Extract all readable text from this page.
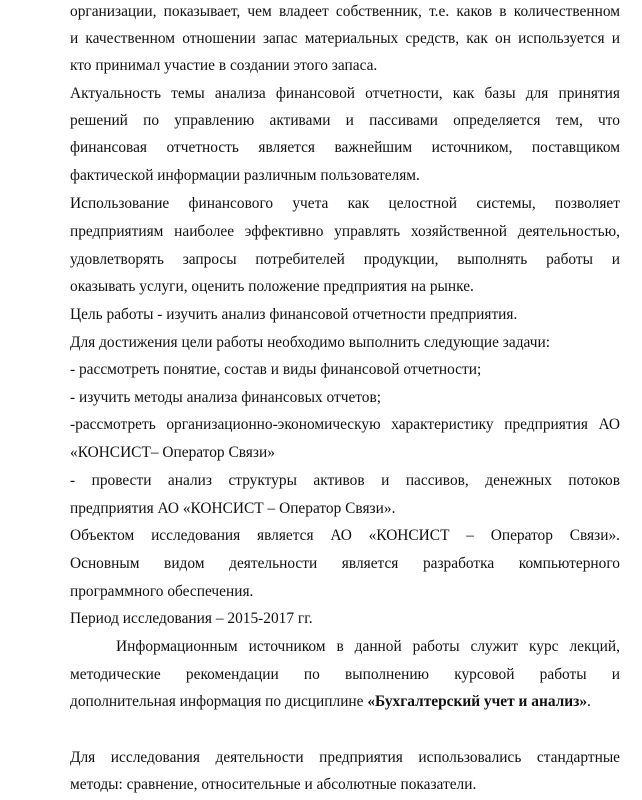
организации, показывает, чем владеет собственник, т.е. каков в количественном
и качественном отношении запас материальных средств, как он используется и
кто принимал участие в создании этого запаса.
Актуальность темы анализа финансовой отчетности, как базы для принятия
решений по управлению активами и пассивами определяется тем, что
финансовая отчетность является важнейшим источником, поставщиком
фактической информации различным пользователям.
Использование финансового учета как целостной системы, позволяет
предприятиям наиболее эффективно управлять хозяйственной деятельностью,
удовлетворять запросы потребителей продукции, выполнять работы и
оказывать услуги, оценить положение предприятия на рынке.
Цель работы - изучить анализ финансовой отчетности предприятия.
Для достижения цели работы необходимо выполнить следующие задачи:
- рассмотреть понятие, состав и виды финансовой отчетности;
- изучить методы анализа финансовых отчетов;
-рассмотреть организационно-экономическую характеристику предприятия АО
«КОНСИСТ– Оператор Связи»
- провести анализ структуры активов и пассивов, денежных потоков
предприятия АО «КОНСИСТ – Оператор Связи».
Объектом исследования является АО «КОНСИСТ – Оператор Связи».
Основным видом деятельности является разработка компьютерного
программного обеспечения.
Период исследования – 2015-2017 гг.
Информационным источником в данной работы служит курс лекций,
методические рекомендации по выполнению курсовой работы и
дополнительная информация по дисциплине «Бухгалтерский учет и анализ».
Для исследования деятельности предприятия использовались стандартные
методы: сравнение, относительные и абсолютные показатели.
